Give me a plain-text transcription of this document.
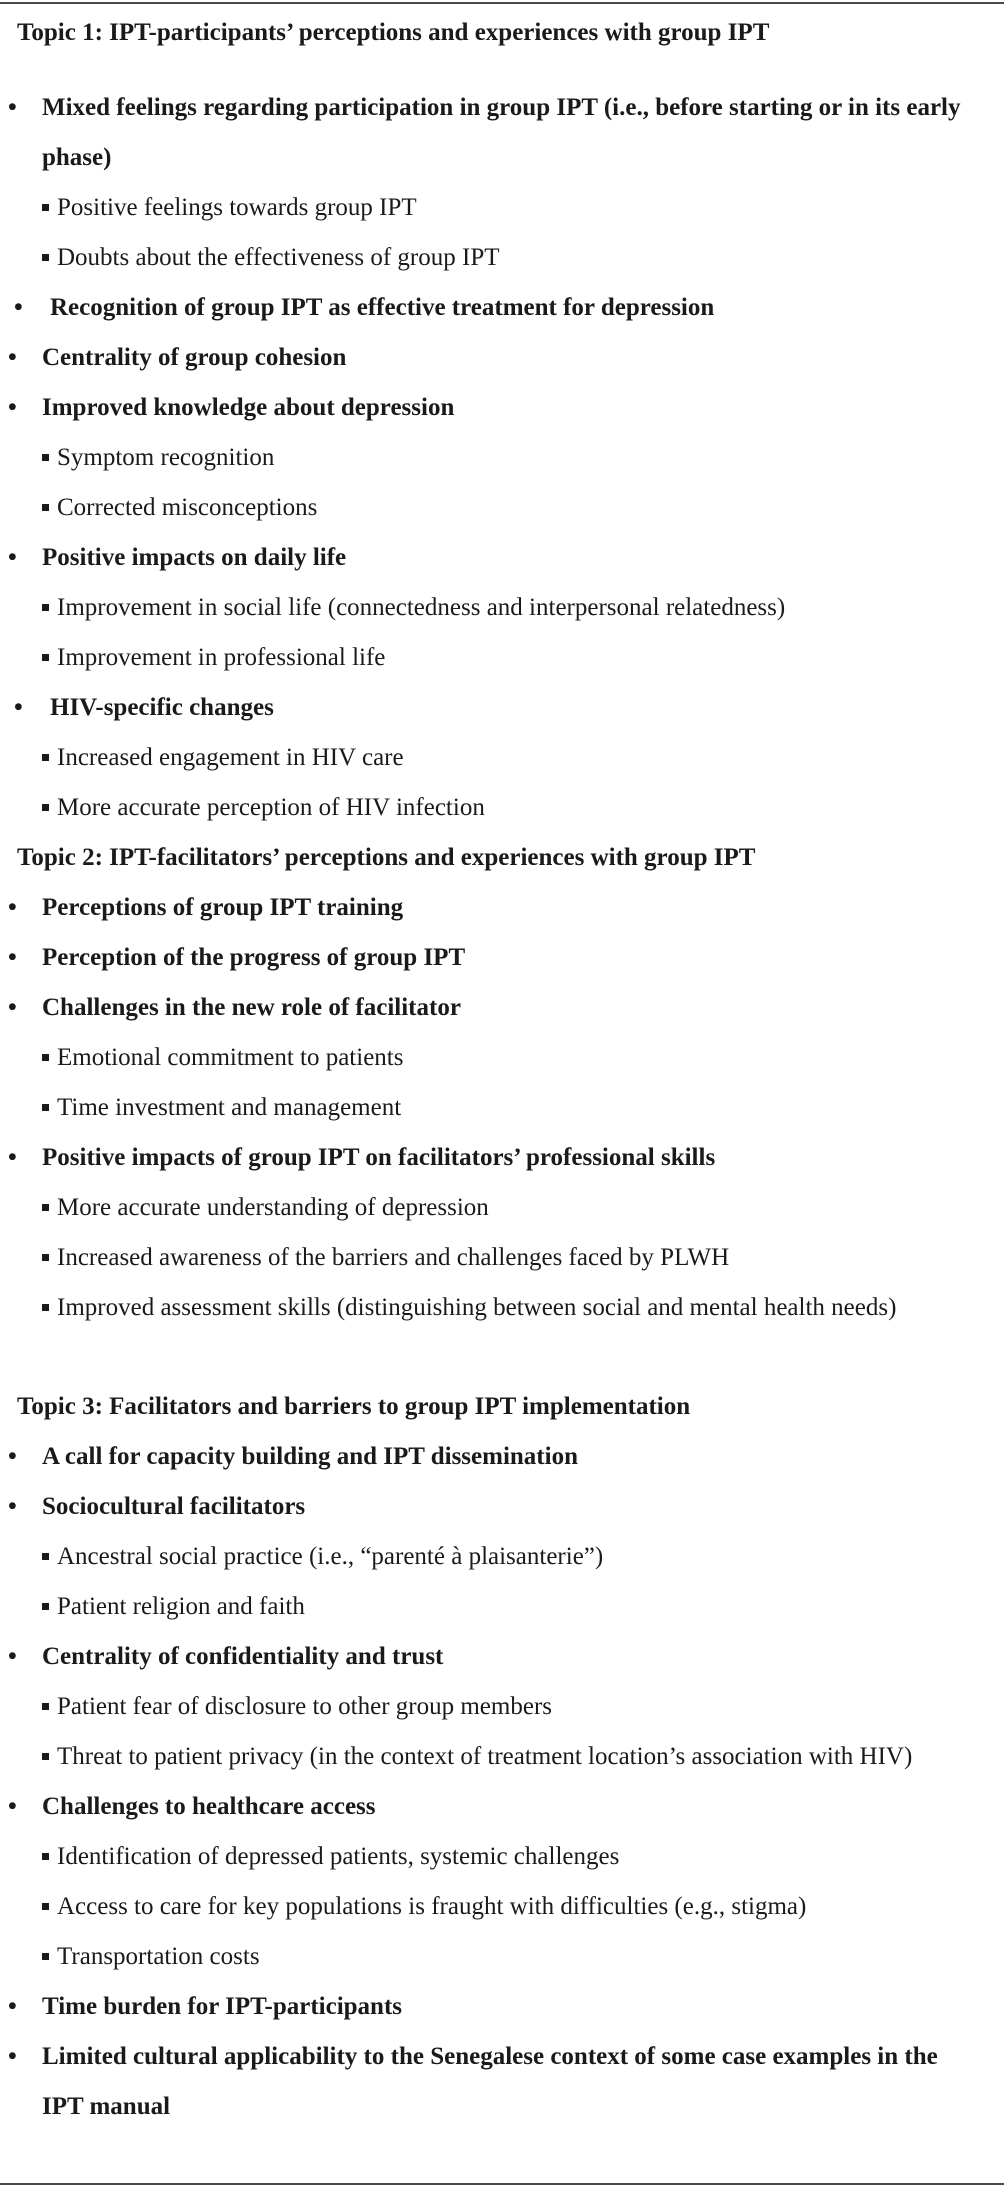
Topic 1: IPT-participants’ perceptions and experiences with group IPT
• Mixed feelings regarding participation in group IPT (i.e., before starting or in its early phase)
Positive feelings towards group IPT
Doubts about the effectiveness of group IPT
• Recognition of group IPT as effective treatment for depression
• Centrality of group cohesion
• Improved knowledge about depression
Symptom recognition
Corrected misconceptions
• Positive impacts on daily life
Improvement in social life (connectedness and interpersonal relatedness)
Improvement in professional life
• HIV-specific changes
Increased engagement in HIV care
More accurate perception of HIV infection
Topic 2: IPT-facilitators’ perceptions and experiences with group IPT
• Perceptions of group IPT training
• Perception of the progress of group IPT
• Challenges in the new role of facilitator
Emotional commitment to patients
Time investment and management
• Positive impacts of group IPT on facilitators’ professional skills
More accurate understanding of depression
Increased awareness of the barriers and challenges faced by PLWH
Improved assessment skills (distinguishing between social and mental health needs)
Topic 3: Facilitators and barriers to group IPT implementation
• A call for capacity building and IPT dissemination
• Sociocultural facilitators
Ancestral social practice (i.e., “parenté à plaisanterie”)
Patient religion and faith
• Centrality of confidentiality and trust
Patient fear of disclosure to other group members
Threat to patient privacy (in the context of treatment location’s association with HIV)
• Challenges to healthcare access
Identification of depressed patients, systemic challenges
Access to care for key populations is fraught with difficulties (e.g., stigma)
Transportation costs
• Time burden for IPT-participants
• Limited cultural applicability to the Senegalese context of some case examples in the IPT manual
